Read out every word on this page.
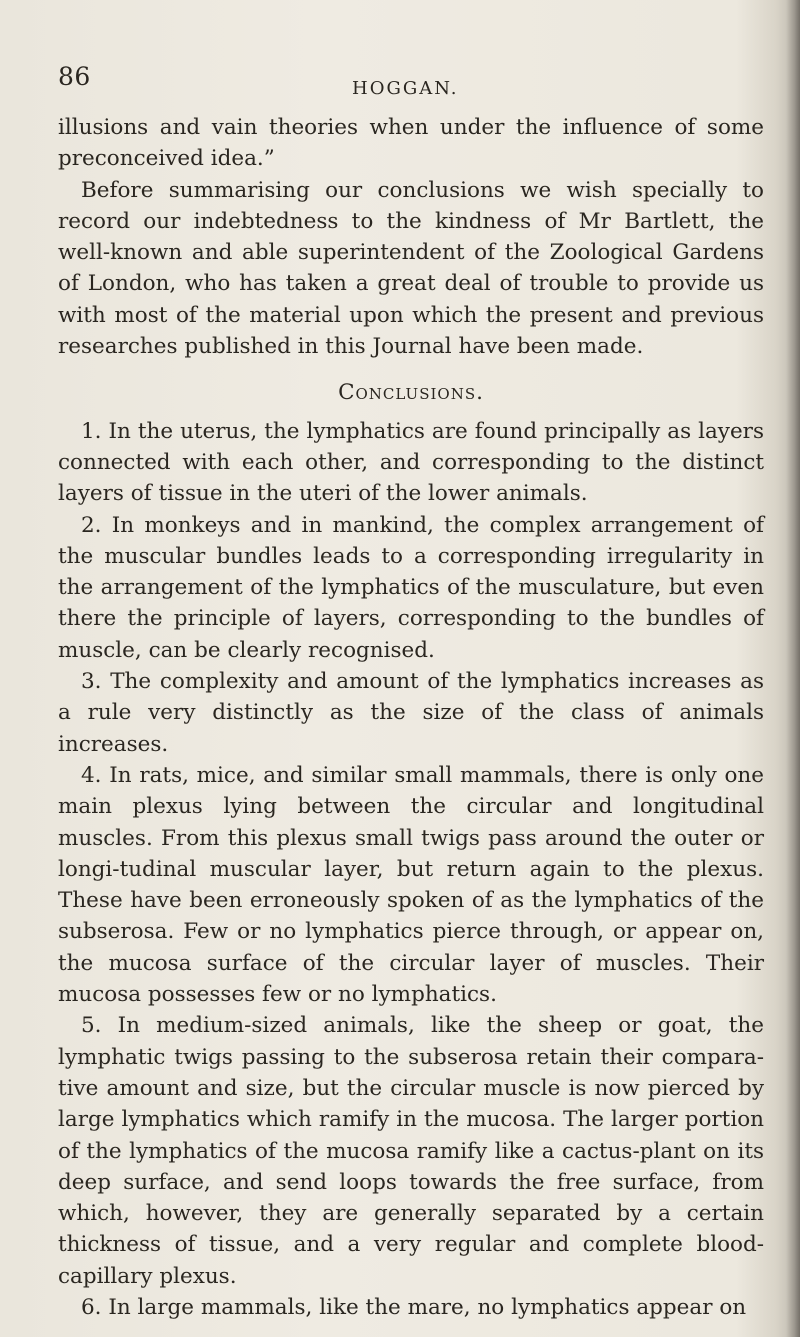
86	HOGGAN.

illusions and vain theories when under the influence of some preconceived idea.”

Before summarising our conclusions we wish specially to record our indebtedness to the kindness of Mr Bartlett, the well-known and able superintendent of the Zoological Gardens of London, who has taken a great deal of trouble to provide us with most of the material upon which the present and previous researches published in this Journal have been made.

Conclusions.

1. In the uterus, the lymphatics are found principally as layers connected with each other, and corresponding to the distinct layers of tissue in the uteri of the lower animals.

2. In monkeys and in mankind, the complex arrangement of the muscular bundles leads to a corresponding irregularity in the arrangement of the lymphatics of the musculature, but even there the principle of layers, corresponding to the bundles of muscle, can be clearly recognised.

3. The complexity and amount of the lymphatics increases as a rule very distinctly as the size of the class of animals increases.

4. In rats, mice, and similar small mammals, there is only one main plexus lying between the circular and longitudinal muscles. From this plexus small twigs pass around the outer or longi-tudinal muscular layer, but return again to the plexus. These have been erroneously spoken of as the lymphatics of the subserosa. Few or no lymphatics pierce through, or appear on, the mucosa surface of the circular layer of muscles. Their mucosa possesses few or no lymphatics.

5. In medium-sized animals, like the sheep or goat, the lymphatic twigs passing to the subserosa retain their compara-tive amount and size, but the circular muscle is now pierced by large lymphatics which ramify in the mucosa. The larger portion of the lymphatics of the mucosa ramify like a cactus-plant on its deep surface, and send loops towards the free surface, from which, however, they are generally separated by a certain thickness of tissue, and a very regular and complete blood-capillary plexus.

6. In large mammals, like the mare, no lymphatics appear on
